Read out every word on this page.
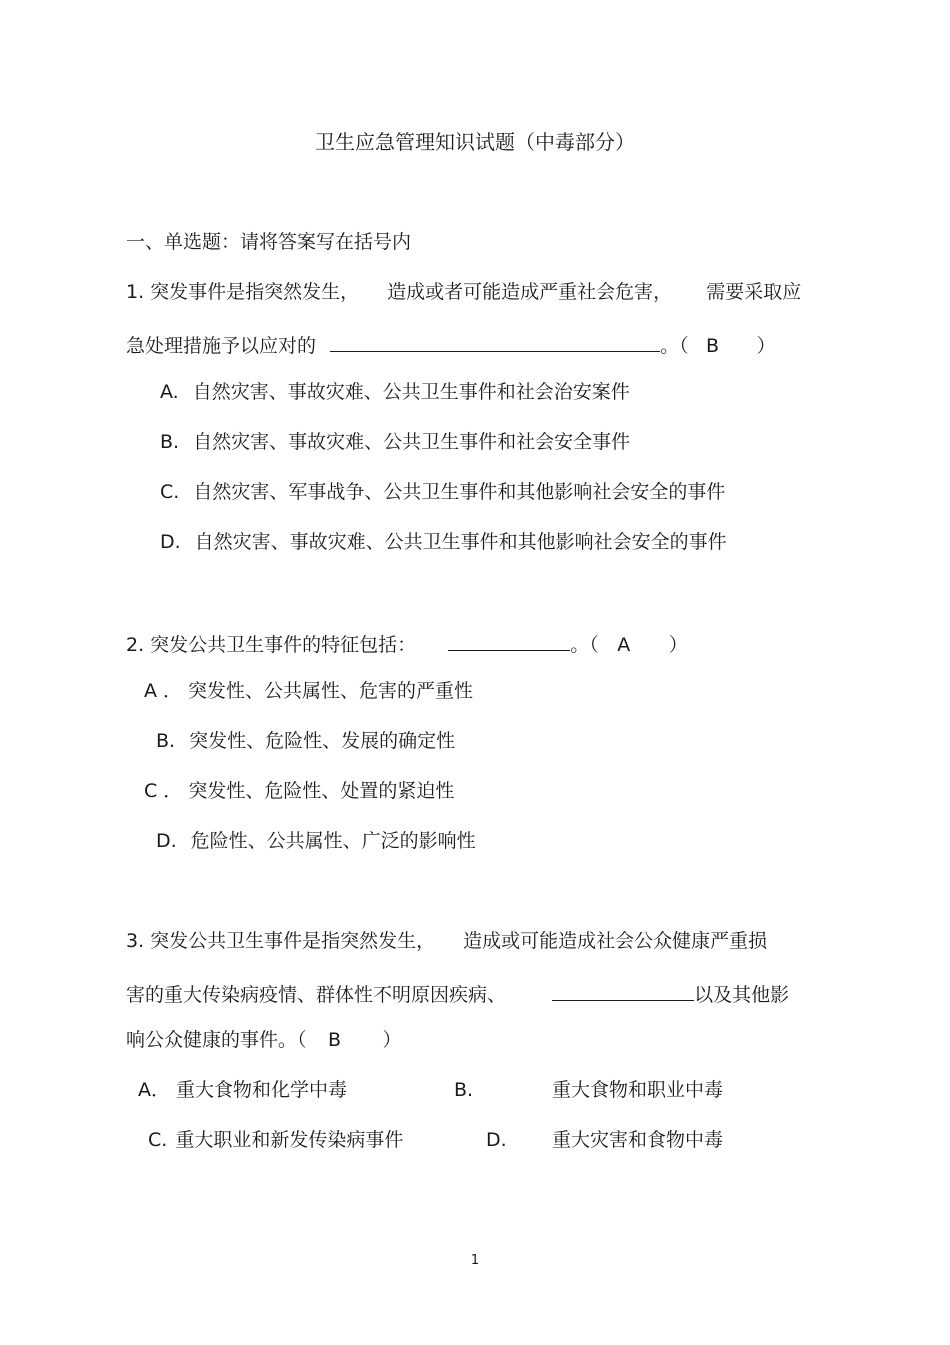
卫生应急管理知识试题（中毒部分）
一、单选题：请将答案写在括号内
1. 突发事件是指突然发生， 造成或者可能造成严重社会危害， 需要采取应
急处理措施予以应对的	。（ B ）
A. 自然灾害、事故灾难、公共卫生事件和社会治安案件
B. 自然灾害、事故灾难、公共卫生事件和社会安全事件
C. 自然灾害、军事战争、公共卫生事件和其他影响社会安全的事件
D. 自然灾害、事故灾难、公共卫生事件和其他影响社会安全的事件
2. 突发公共卫生事件的特征包括：	。（ A ）
A ． 突发性、公共属性、危害的严重性
B. 突发性、危险性、发展的确定性
C ． 突发性、危险性、处置的紧迫性
D. 危险性、公共属性、广泛的影响性
3. 突发公共卫生事件是指突然发生， 造成或可能造成社会公众健康严重损
害的重大传染病疫情、群体性不明原因疾病、	以及其他影
响公众健康的事件。（ B ）
A． 重大食物和化学中毒	B.	重大食物和职业中毒
C. 重大职业和新发传染病事件	D. 重大灾害和食物中毒
1
